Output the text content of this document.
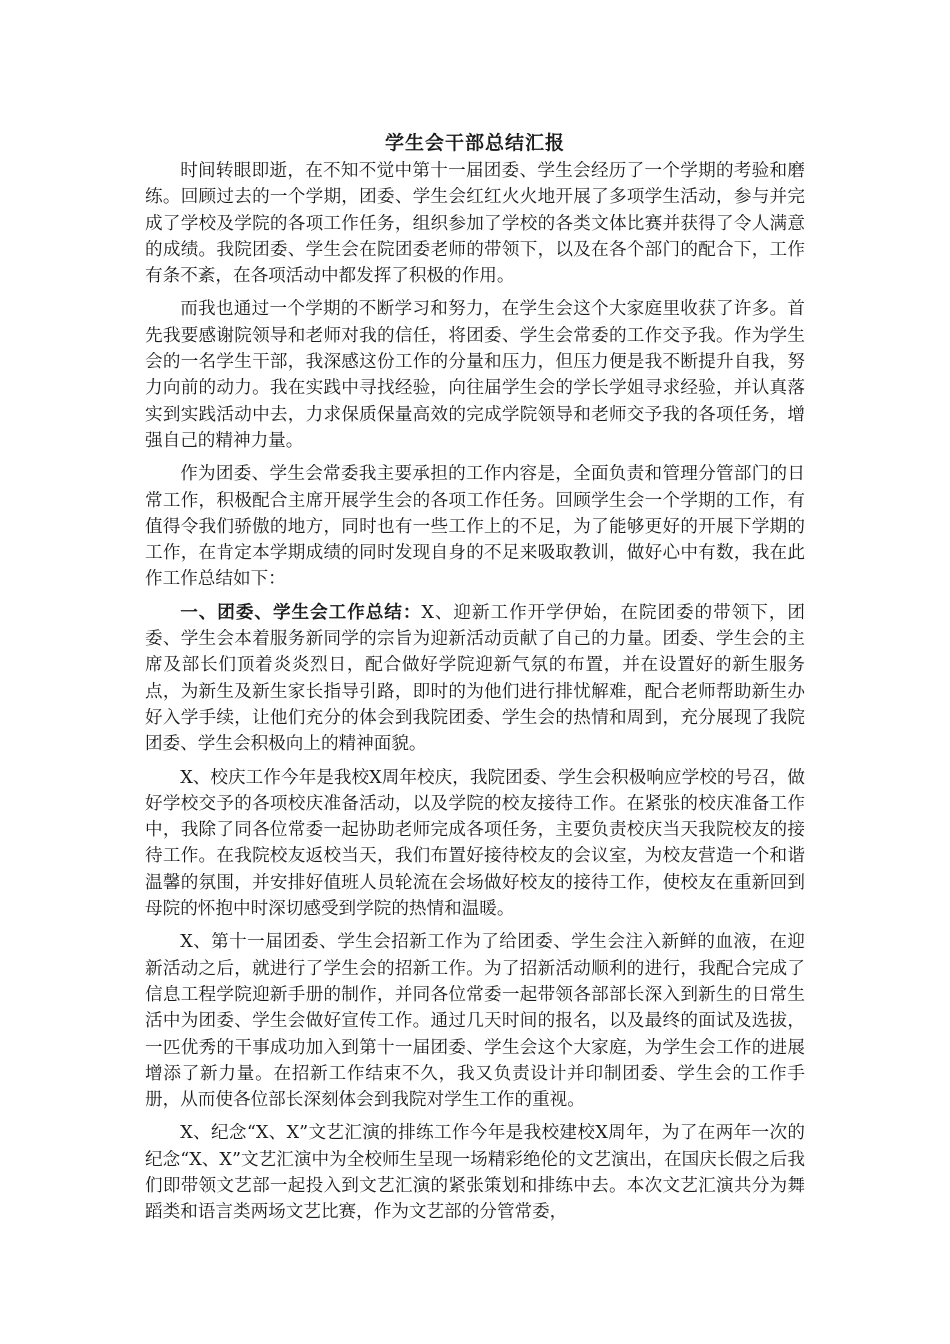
学生会干部总结汇报

时间转眼即逝，在不知不觉中第十一届团委、学生会经历了一个学期的考验和磨练。回顾过去的一个学期，团委、学生会红红火火地开展了多项学生活动，参与并完成了学校及学院的各项工作任务，组织参加了学校的各类文体比赛并获得了令人满意的成绩。我院团委、学生会在院团委老师的带领下，以及在各个部门的配合下，工作有条不紊，在各项活动中都发挥了积极的作用。

而我也通过一个学期的不断学习和努力，在学生会这个大家庭里收获了许多。首先我要感谢院领导和老师对我的信任，将团委、学生会常委的工作交予我。作为学生会的一名学生干部，我深感这份工作的分量和压力，但压力便是我不断提升自我，努力向前的动力。我在实践中寻找经验，向往届学生会的学长学姐寻求经验，并认真落实到实践活动中去，力求保质保量高效的完成学院领导和老师交予我的各项任务，增强自己的精神力量。

作为团委、学生会常委我主要承担的工作内容是，全面负责和管理分管部门的日常工作，积极配合主席开展学生会的各项工作任务。回顾学生会一个学期的工作，有值得令我们骄傲的地方，同时也有一些工作上的不足，为了能够更好的开展下学期的工作，在肯定本学期成绩的同时发现自身的不足来吸取教训，做好心中有数，我在此作工作总结如下：

一、团委、学生会工作总结：X、迎新工作开学伊始，在院团委的带领下，团委、学生会本着服务新同学的宗旨为迎新活动贡献了自己的力量。团委、学生会的主席及部长们顶着炎炎烈日，配合做好学院迎新气氛的布置，并在设置好的新生服务点，为新生及新生家长指导引路，即时的为他们进行排忧解难，配合老师帮助新生办好入学手续，让他们充分的体会到我院团委、学生会的热情和周到，充分展现了我院团委、学生会积极向上的精神面貌。

X、校庆工作今年是我校X周年校庆，我院团委、学生会积极响应学校的号召，做好学校交予的各项校庆准备活动，以及学院的校友接待工作。在紧张的校庆准备工作中，我除了同各位常委一起协助老师完成各项任务，主要负责校庆当天我院校友的接待工作。在我院校友返校当天，我们布置好接待校友的会议室，为校友营造一个和谐温馨的氛围，并安排好值班人员轮流在会场做好校友的接待工作，使校友在重新回到母院的怀抱中时深切感受到学院的热情和温暖。

X、第十一届团委、学生会招新工作为了给团委、学生会注入新鲜的血液，在迎新活动之后，就进行了学生会的招新工作。为了招新活动顺利的进行，我配合完成了信息工程学院迎新手册的制作，并同各位常委一起带领各部部长深入到新生的日常生活中为团委、学生会做好宣传工作。通过几天时间的报名，以及最终的面试及选拔，一匹优秀的干事成功加入到第十一届团委、学生会这个大家庭，为学生会工作的进展增添了新力量。在招新工作结束不久，我又负责设计并印制团委、学生会的工作手册，从而使各位部长深刻体会到我院对学生工作的重视。

X、纪念“X、X”文艺汇演的排练工作今年是我校建校X周年，为了在两年一次的纪念“X、X”文艺汇演中为全校师生呈现一场精彩绝伦的文艺演出，在国庆长假之后我们即带领文艺部一起投入到文艺汇演的紧张策划和排练中去。本次文艺汇演共分为舞蹈类和语言类两场文艺比赛，作为文艺部的分管常委，
